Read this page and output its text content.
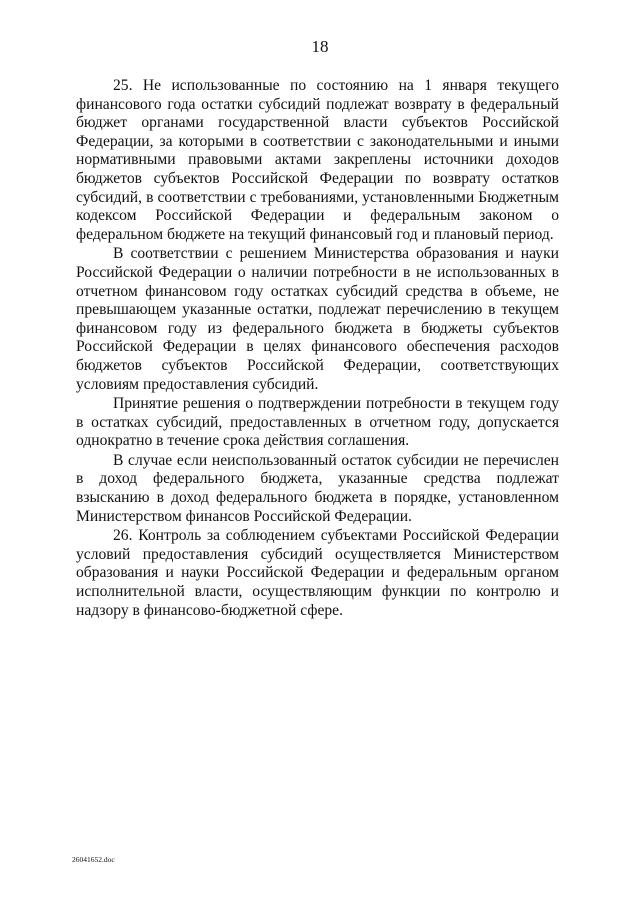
18

25. Не использованные по состоянию на 1 января текущего финансового года остатки субсидий подлежат возврату в федеральный бюджет органами государственной власти субъектов Российской Федерации, за которыми в соответствии с законодательными и иными нормативными правовыми актами закреплены источники доходов бюджетов субъектов Российской Федерации по возврату остатков субсидий, в соответствии с требованиями, установленными Бюджетным кодексом Российской Федерации и федеральным законом о федеральном бюджете на текущий финансовый год и плановый период.

В соответствии с решением Министерства образования и науки Российской Федерации о наличии потребности в не использованных в отчетном финансовом году остатках субсидий средства в объеме, не превышающем указанные остатки, подлежат перечислению в текущем финансовом году из федерального бюджета в бюджеты субъектов Российской Федерации в целях финансового обеспечения расходов бюджетов субъектов Российской Федерации, соответствующих условиям предоставления субсидий.

Принятие решения о подтверждении потребности в текущем году в остатках субсидий, предоставленных в отчетном году, допускается однократно в течение срока действия соглашения.

В случае если неиспользованный остаток субсидии не перечислен в доход федерального бюджета, указанные средства подлежат взысканию в доход федерального бюджета в порядке, установленном Министерством финансов Российской Федерации.

26. Контроль за соблюдением субъектами Российской Федерации условий предоставления субсидий осуществляется Министерством образования и науки Российской Федерации и федеральным органом исполнительной власти, осуществляющим функции по контролю и надзору в финансово-бюджетной сфере.

26041652.doc
